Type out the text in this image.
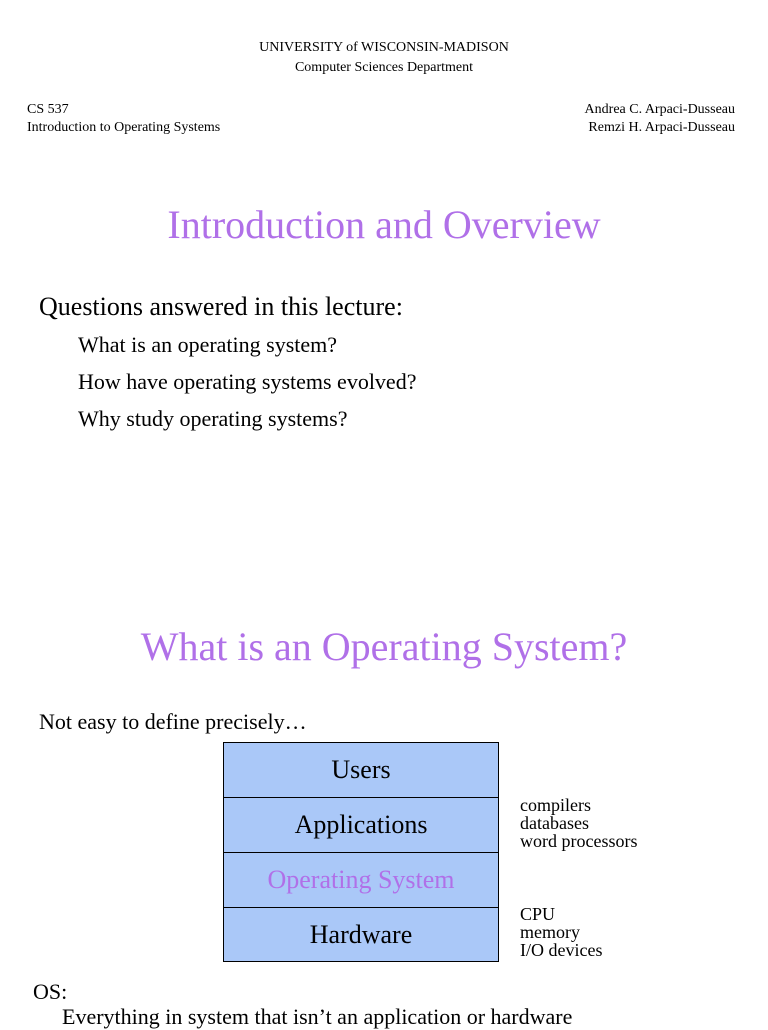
UNIVERSITY of WISCONSIN-MADISON
Computer Sciences Department
CS 537
Introduction to Operating Systems
Andrea C. Arpaci-Dusseau
Remzi H. Arpaci-Dusseau
Introduction and Overview
Questions answered in this lecture:
What is an operating system?
How have operating systems evolved?
Why study operating systems?
What is an Operating System?
Not easy to define precisely…
Users
Applications
Operating System
Hardware
compilers
databases
word processors
CPU
memory
I/O devices
OS:
Everything in system that isn’t an application or hardware
